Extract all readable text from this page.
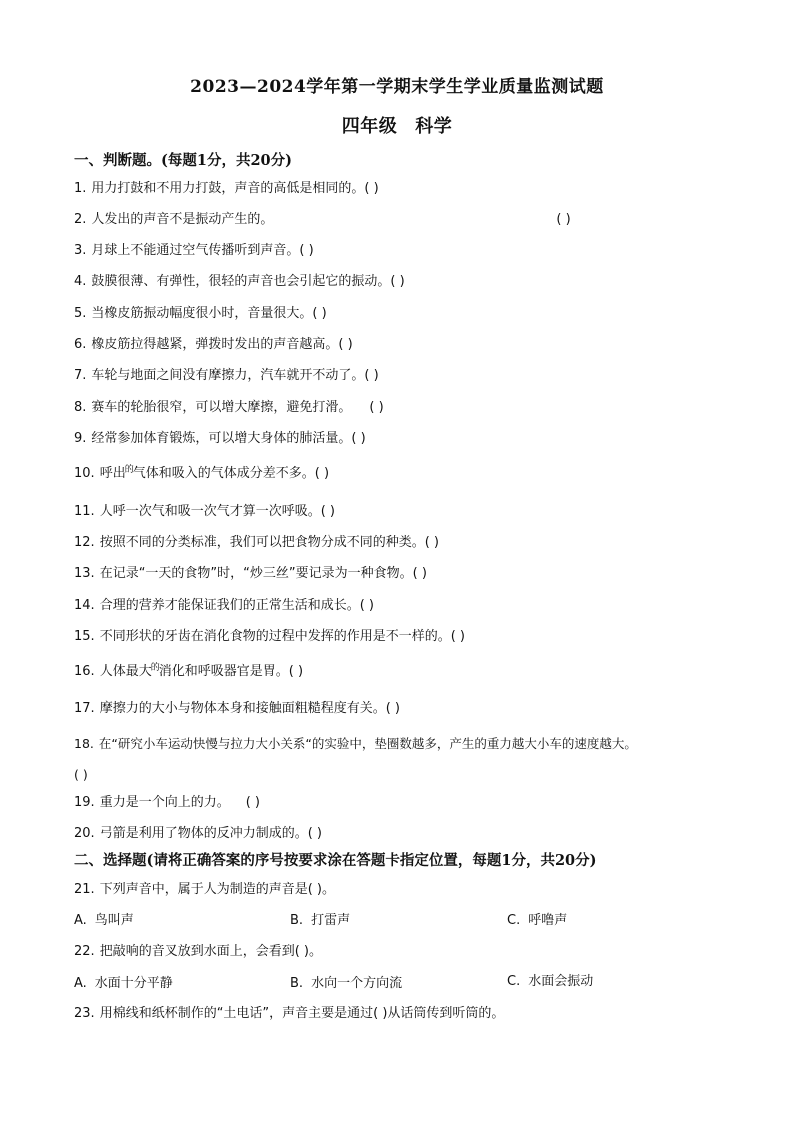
2023—2024学年第一学期末学生学业质量监测试题
四年级 科学
一、判断题。(每题1分，共20分)
1. 用力打鼓和不用力打鼓，声音的高低是相同的。( )
2. 人发出的声音不是振动产生的。	( )
3. 月球上不能通过空气传播听到声音。( )
4. 鼓膜很薄、有弹性，很轻的声音也会引起它的振动。( )
5. 当橡皮筋振动幅度很小时，音量很大。( )
6. 橡皮筋拉得越紧，弹拨时发出的声音越高。( )
7. 车轮与地面之间没有摩擦力，汽车就开不动了。( )
8. 赛车的轮胎很窄，可以增大摩擦，避免打滑。 ( )
9. 经常参加体育锻炼，可以增大身体的肺活量。( )
10. 呼出$^的$气体和吸入的气体成分差不多。( )
11. 人呼一次气和吸一次气才算一次呼吸。( )
12. 按照不同的分类标准，我们可以把食物分成不同的种类。( )
13. 在记录“一天的食物”时，“炒三丝”要记录为一种食物。( )
14. 合理的营养才能保证我们的正常生活和成长。( )
15. 不同形状的牙齿在消化食物的过程中发挥的作用是不一样的。( )
16. 人体最大$^的$消化和呼吸器官是胃。( )
17. 摩擦力的大小与物体本身和接触面粗糙程度有关。( )
18. 在“研究小车运动快慢与拉力大小关系“的实验中，垫圈数越多，产生的重力越大小车的速度越大。
( )
19. 重力是一个向上的力。 ( )
20. 弓箭是利用了物体的反冲力制成的。( )
二、选择题(请将正确答案的序号按要求涂在答题卡指定位置，每题1分，共20分)
21. 下列声音中，属于人为制造的声音是( )。
A. 鸟叫声	B. 打雷声	C. 呼噜声
22. 把敲响的音叉放到水面上，会看到( )。
A. 水面十分平静	B. 水向一个方向流	C. 水面会振动
23. 用棉线和纸杯制作的“土电话”，声音主要是通过( )从话筒传到听筒的。
